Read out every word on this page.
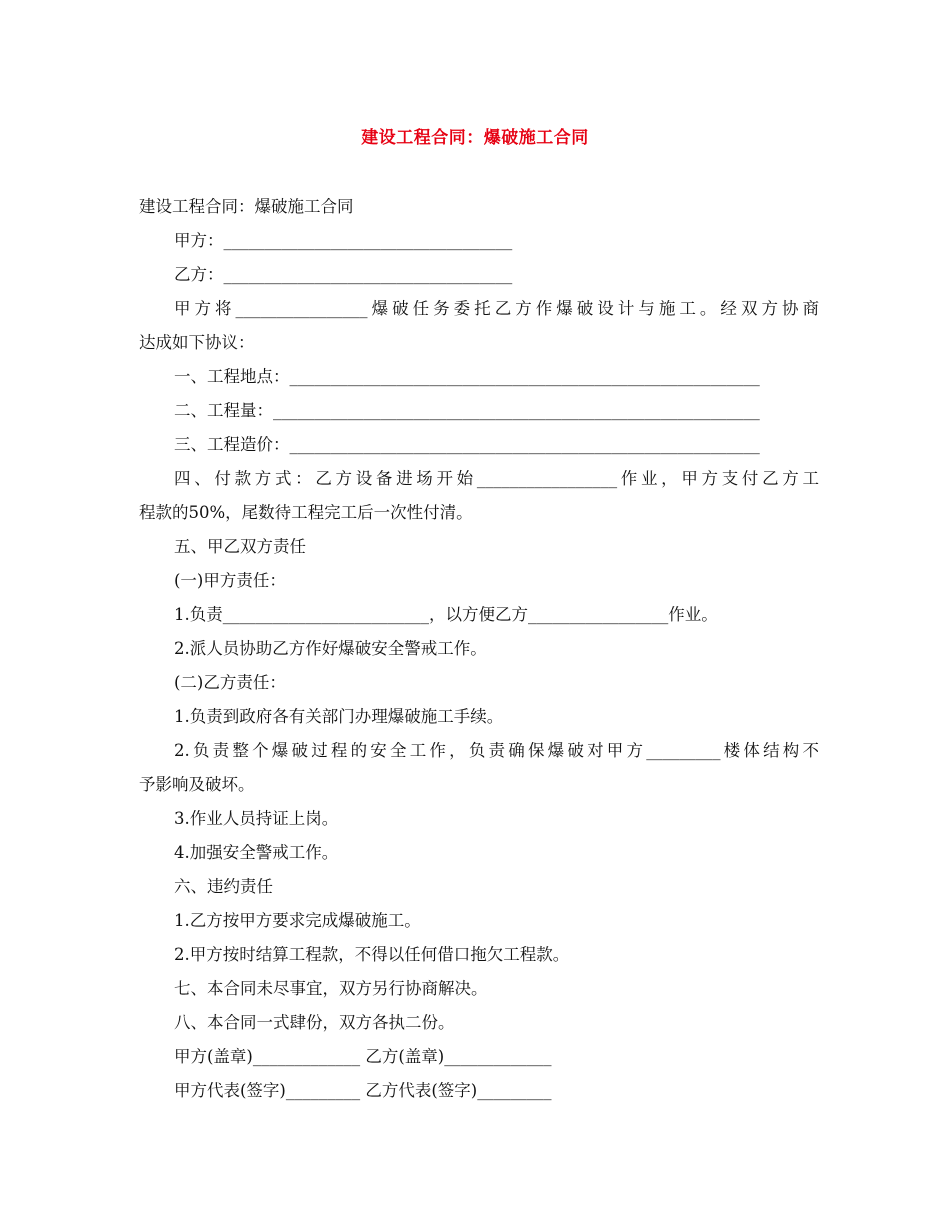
建设工程合同：爆破施工合同
建设工程合同：爆破施工合同
甲方：___________________________________
乙方：___________________________________
甲方将________________爆破任务委托乙方作爆破设计与施工。经双方协商
达成如下协议：
一、工程地点：_________________________________________________________
二、工程量：___________________________________________________________
三、工程造价：_________________________________________________________
四、付款方式：乙方设备进场开始_________________作业，甲方支付乙方工
程款的50%，尾数待工程完工后一次性付清。
五、甲乙双方责任
(一)甲方责任：
1.负责_________________________，以方便乙方_________________作业。
2.派人员协助乙方作好爆破安全警戒工作。
(二)乙方责任：
1.负责到政府各有关部门办理爆破施工手续。
2.负责整个爆破过程的安全工作，负责确保爆破对甲方_________楼体结构不
予影响及破坏。
3.作业人员持证上岗。
4.加强安全警戒工作。
六、违约责任
1.乙方按甲方要求完成爆破施工。
2.甲方按时结算工程款，不得以任何借口拖欠工程款。
七、本合同未尽事宜，双方另行协商解决。
八、本合同一式肆份，双方各执二份。
甲方(盖章)_____________ 乙方(盖章)_____________
甲方代表(签字)_________ 乙方代表(签字)_________
